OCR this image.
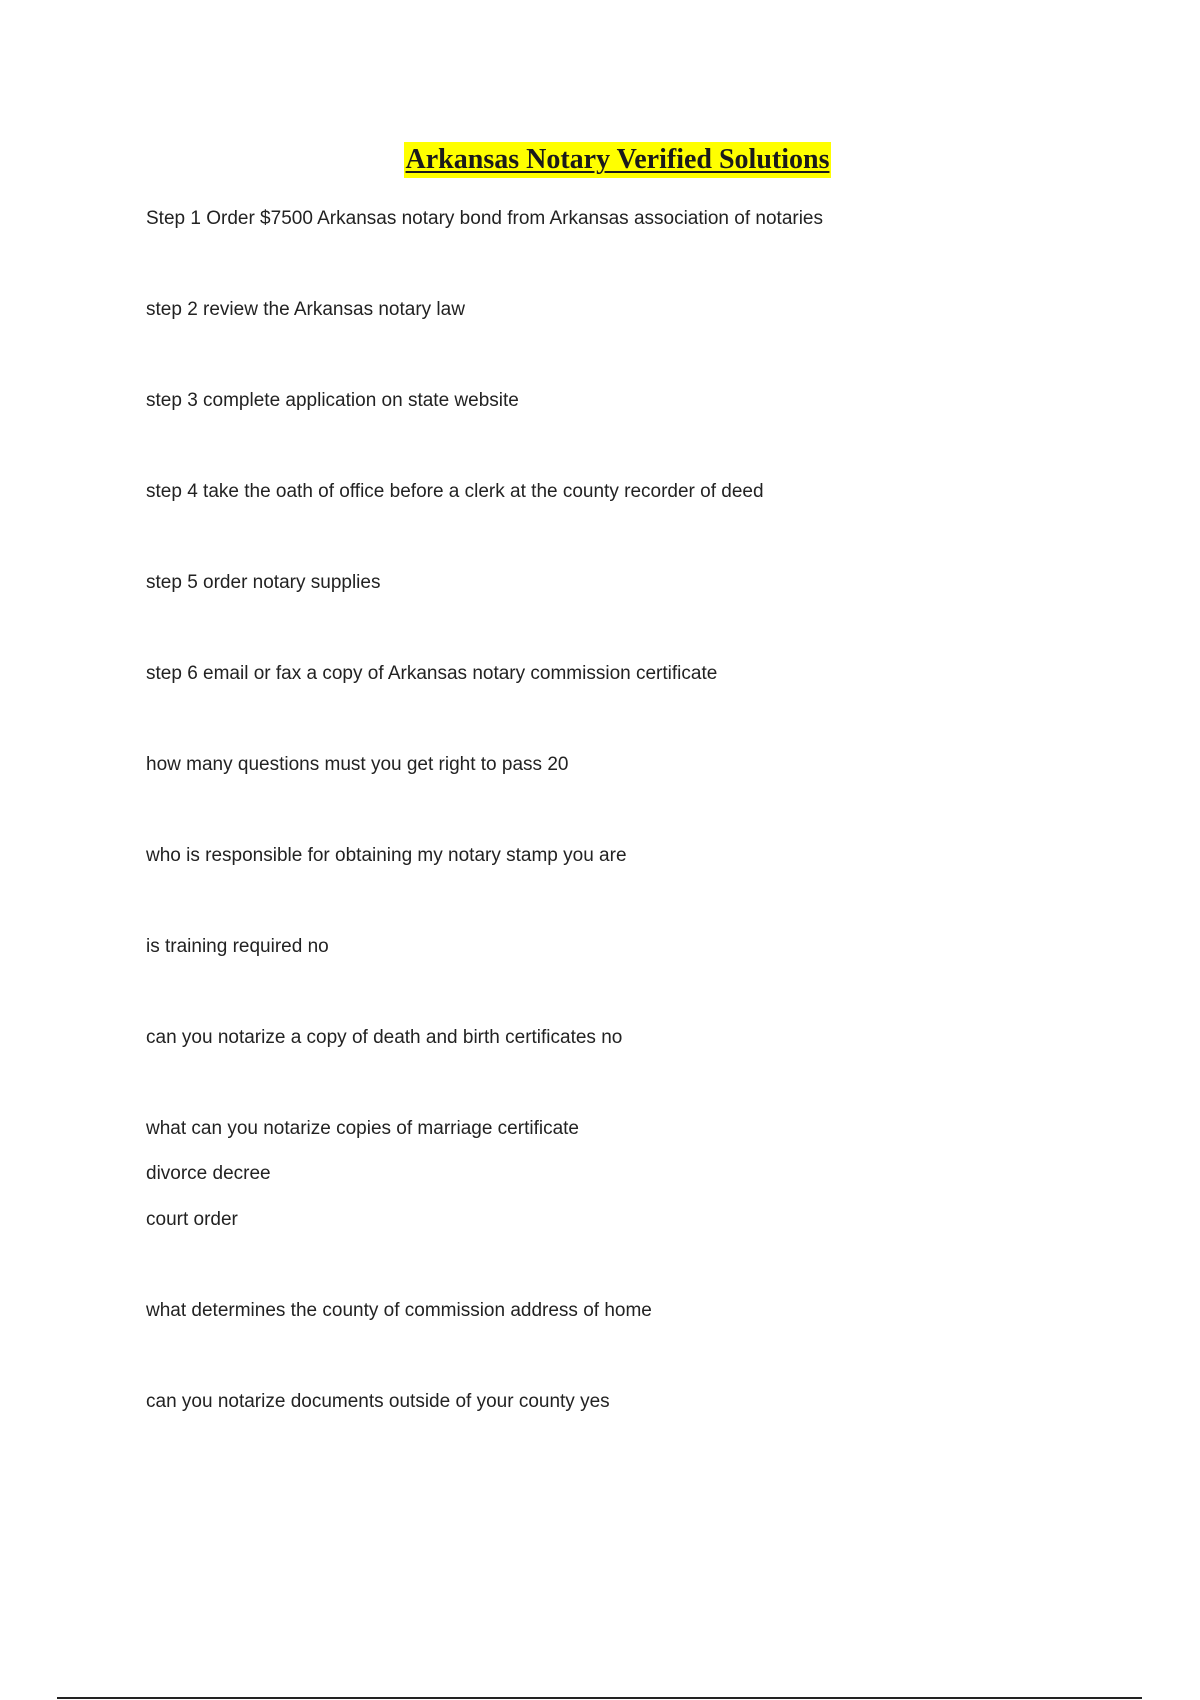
Arkansas Notary Verified Solutions
Step 1 Order $7500 Arkansas notary bond from Arkansas association of notaries
step 2 review the Arkansas notary law
step 3 complete application on state website
step 4 take the oath of office before a clerk at the county recorder of deed
step 5 order notary supplies
step 6 email or fax a copy of Arkansas notary commission certificate
how many questions must you get right to pass 20
who is responsible for obtaining my notary stamp you are
is training required no
can you notarize a copy of death and birth certificates no
what can you notarize copies of marriage certificate
divorce decree
court order
what determines the county of commission address of home
can you notarize documents outside of your county yes
